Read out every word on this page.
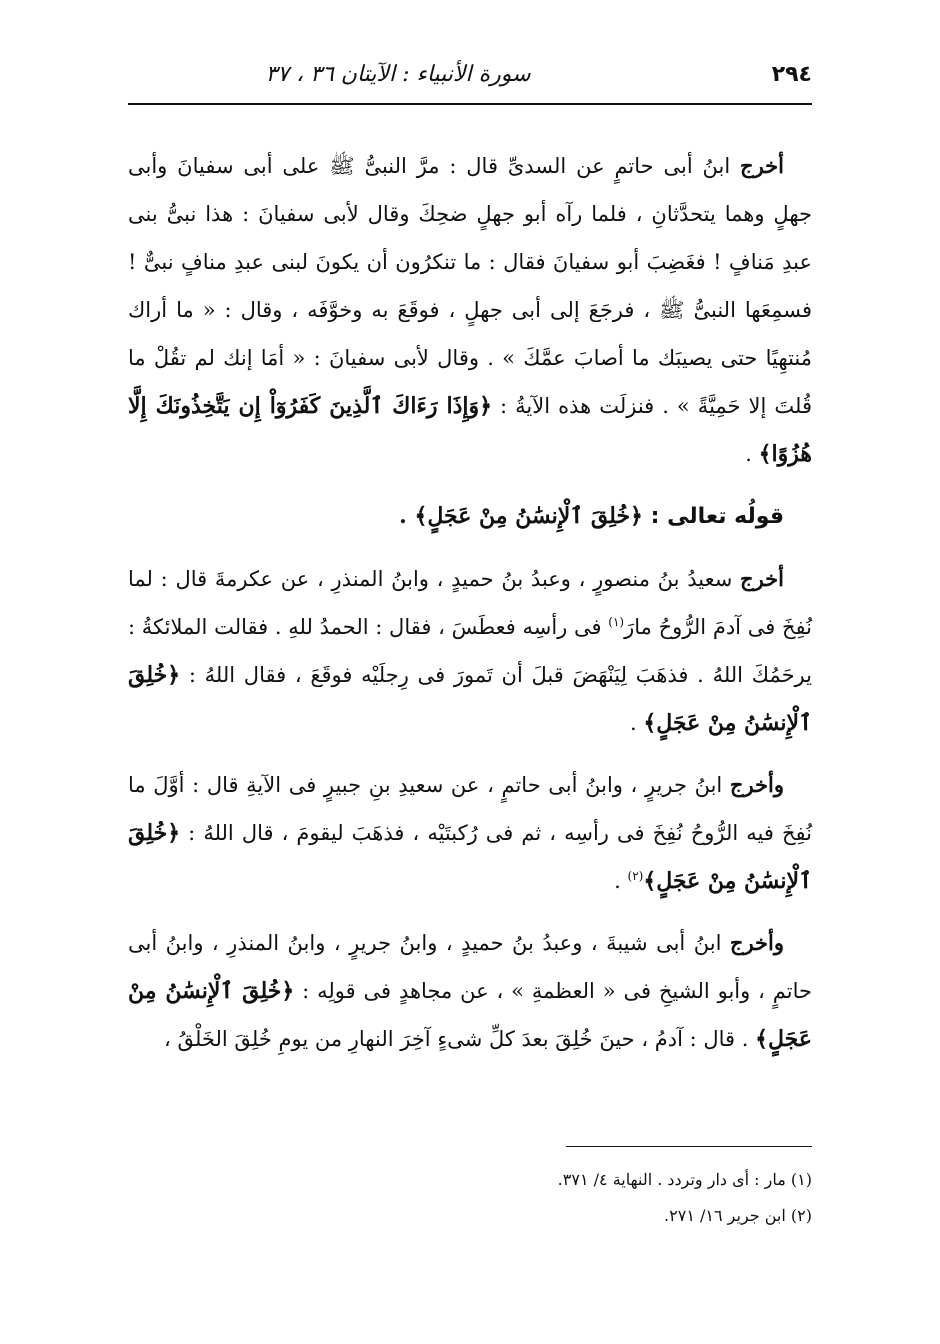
٢٩٤
سورة الأنبياء : الآيتان ٣٦ ، ٣٧

أخرج ابنُ أبى حاتمٍ عن السدىِّ قال : مرَّ النبىُّ ﷺ على أبى سفيانَ وأبى جهلٍ وهما يتحدَّثانِ ، فلما رآه أبو جهلٍ ضحِكَ وقال لأبى سفيانَ : هذا نبىُّ بنى عبدِ مَنافٍ ! فغَضِبَ أبو سفيانَ فقال : ما تنكرُون أن يكونَ لبنى عبدِ منافٍ نبىٌّ ! فسمِعَها النبىُّ ﷺ ، فرجَعَ إلى أبى جهلٍ ، فوقَعَ به وخوَّفَه ، وقال : « ما أراك مُنتهِيًا حتى يصيبَك ما أصابَ عمَّكَ » . وقال لأبى سفيانَ : « أمَا إنك لم تقُلْ ما قُلتَ إلا حَمِيَّةً » . فنزلَت هذه الآيةُ : ﴿وَإِذَا رَءَاكَ ٱلَّذِينَ كَفَرُوٓاْ إِن يَتَّخِذُونَكَ إِلَّا هُزُوًا﴾ .

قولُه تعالى : ﴿خُلِقَ ٱلْإِنسَٰنُ مِنْ عَجَلٍ﴾ .

أخرج سعيدُ بنُ منصورٍ ، وعبدُ بنُ حميدٍ ، وابنُ المنذرِ ، عن عكرمةَ قال : لما نُفِخَ فى آدمَ الرُّوحُ مارَ$^{(١)}$ فى رأسِه فعطَسَ ، فقال : الحمدُ للهِ . فقالت الملائكةُ : يرحَمُكَ اللهُ . فذهَبَ لِيَنْهَضَ قبلَ أن تَمورَ فى رِجلَيْه فوقَعَ ، فقال اللهُ : ﴿خُلِقَ ٱلْإِنسَٰنُ مِنْ عَجَلٍ﴾ .

وأخرج ابنُ جريرٍ ، وابنُ أبى حاتمٍ ، عن سعيدِ بنِ جبيرٍ فى الآيةِ قال : أوَّلَ ما نُفِخَ فيه الرُّوحُ نُفِخَ فى رأسِه ، ثم فى رُكبتَيْه ، فذهَبَ ليقومَ ، قال اللهُ : ﴿خُلِقَ ٱلْإِنسَٰنُ مِنْ عَجَلٍ﴾$^{(٢)}$ .

وأخرج ابنُ أبى شيبةَ ، وعبدُ بنُ حميدٍ ، وابنُ جريرٍ ، وابنُ المنذرِ ، وابنُ أبى حاتمٍ ، وأبو الشيخِ فى « العظمةِ » ، عن مجاهدٍ فى قولِه : ﴿خُلِقَ ٱلْإِنسَٰنُ مِنْ عَجَلٍ﴾ . قال : آدمُ ، حينَ خُلِقَ بعدَ كلِّ شىءٍ آخِرَ النهارِ من يومِ خُلِقَ الخَلْقُ ،

(١) مار : أى دار وتردد . النهاية ٤/ ٣٧١.

(٢) ابن جرير ١٦/ ٢٧١.
